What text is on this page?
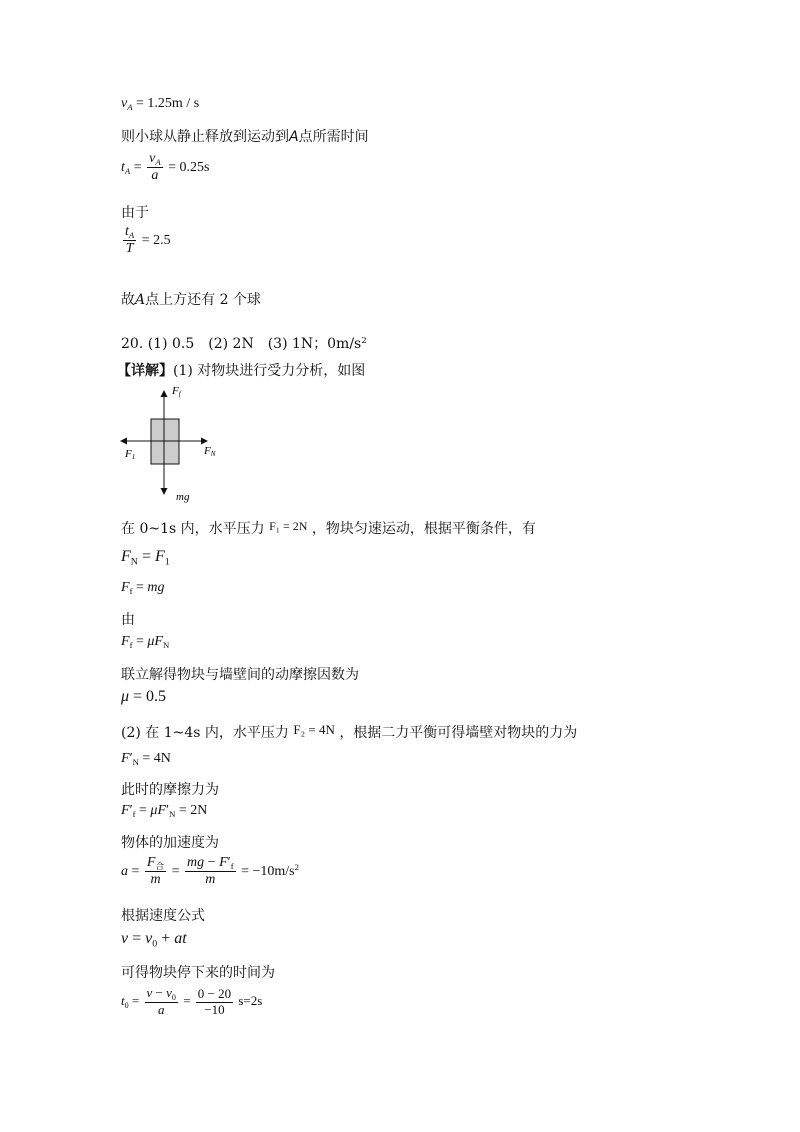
$v_A = 1.25m / s$
则小球从静止释放到运动到A点所需时间
$t_A = \frac{v_A}{a} = 0.25s$
由于
$\frac{t_A}{T} = 2.5$
故A点上方还有 2 个球
20. (1) 0.5　(2) 2N　(3) 1N；$0m/s^2$
【详解】(1) 对物块进行受力分析，如图
Ff
F1	FN
mg
在 0~1s 内，水平压力 F₁ = 2N ，物块匀速运动，根据平衡条件，有
$F_N = F_1$
$F_f$ = mg
由
$F_f = \mu F_N$
联立解得物块与墙壁间的动摩擦因数为
μ = 0.5
(2) 在 1~4s 内，水平压力 F₂ = 4N ，根据二力平衡可得墙壁对物块的力为
$F'_N = 4N$
此时的摩擦力为
$F'_f = \mu F'_N = 2N$
物体的加速度为
$a = \frac{F_合}{m} = \frac{mg - F'_f}{m} = -10m/s^2$
根据速度公式
$v = v_0$ + at
可得物块停下来的时间为
$t_0 = \frac{v - v_0}{a} = \frac{0 - 20}{-10} s=2s$
